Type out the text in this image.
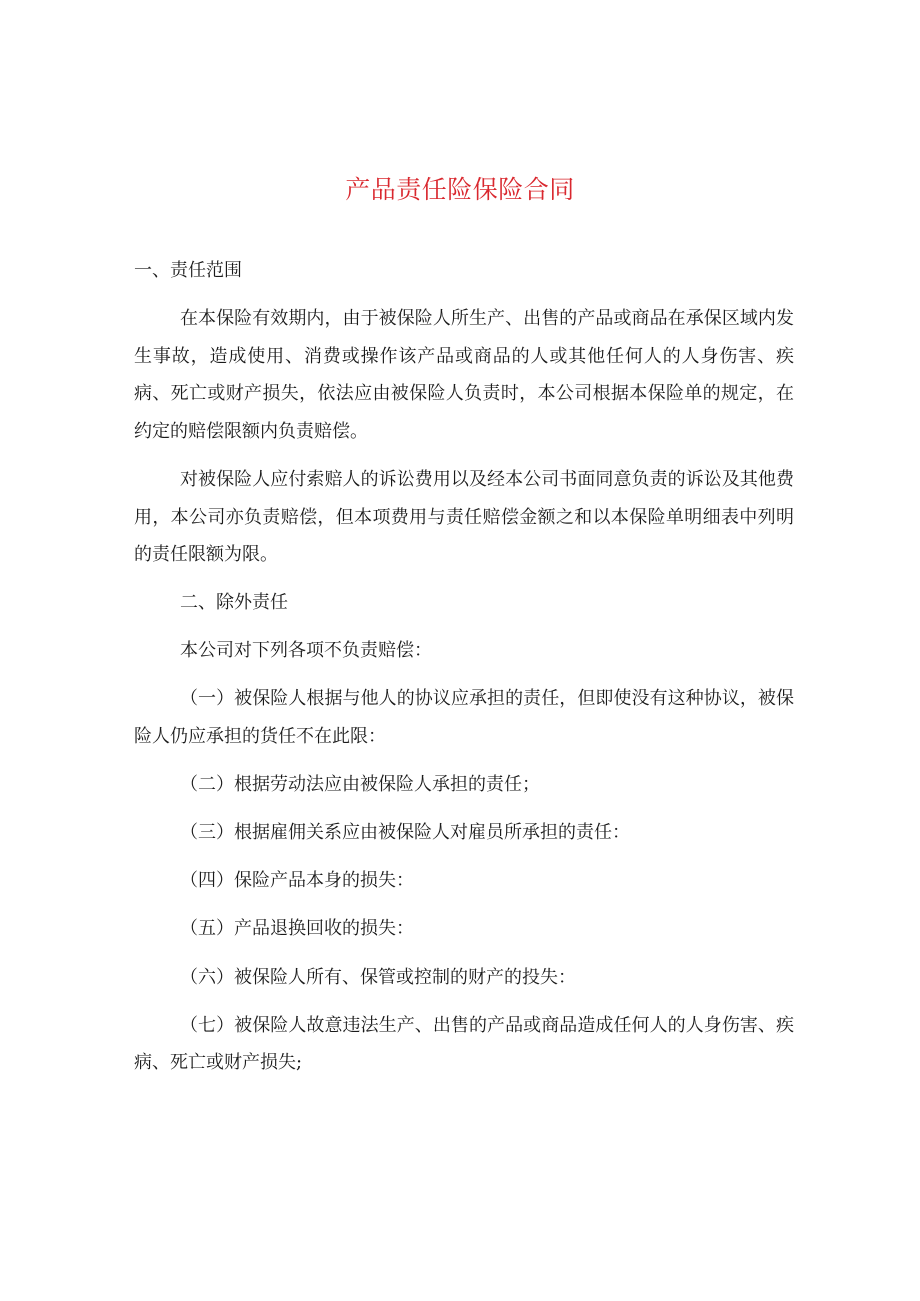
产品责任险保险合同

一、责任范围

在本保险有效期内，由于被保险人所生产、出售的产品或商品在承保区域内发生事故，造成使用、消费或操作该产品或商品的人或其他任何人的人身伤害、疾病、死亡或财产损失，依法应由被保险人负责时，本公司根据本保险单的规定，在约定的赔偿限额内负责赔偿。

对被保险人应付索赔人的诉讼费用以及经本公司书面同意负责的诉讼及其他费用，本公司亦负责赔偿，但本项费用与责任赔偿金额之和以本保险单明细表中列明的责任限额为限。

二、除外责任

本公司对下列各项不负责赔偿：

（一）被保险人根据与他人的协议应承担的责任，但即使没有这种协议，被保险人仍应承担的货任不在此限：

（二）根据劳动法应由被保险人承担的责任；

（三）根据雇佣关系应由被保险人对雇员所承担的责任：

（四）保险产品本身的损失：

（五）产品退换回收的损失：

（六）被保险人所有、保管或控制的财产的投失：

（七）被保险人故意违法生产、出售的产品或商品造成任何人的人身伤害、疾病、死亡或财产损失;
